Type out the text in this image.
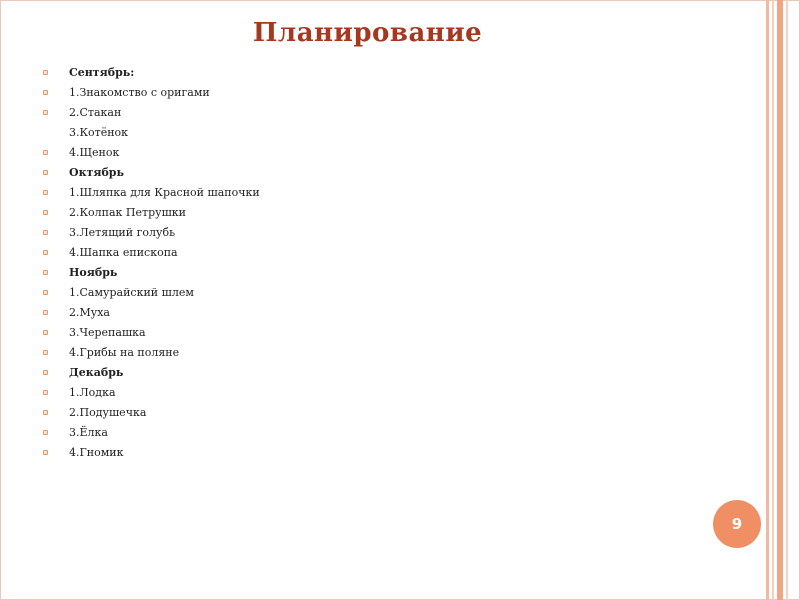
Планирование
Сентябрь:
1.Знакомство с оригами
2.Стакан
3.Котёнок
4.Щенок
Октябрь
1.Шляпка для Красной шапочки
2.Колпак Петрушки
3.Летящий голубь
4.Шапка епископа
Ноябрь
1.Самурайский шлем
2.Муха
3.Черепашка
4.Грибы на поляне
Декабрь
1.Лодка
2.Подушечка
3.Ёлка
4.Гномик
9
